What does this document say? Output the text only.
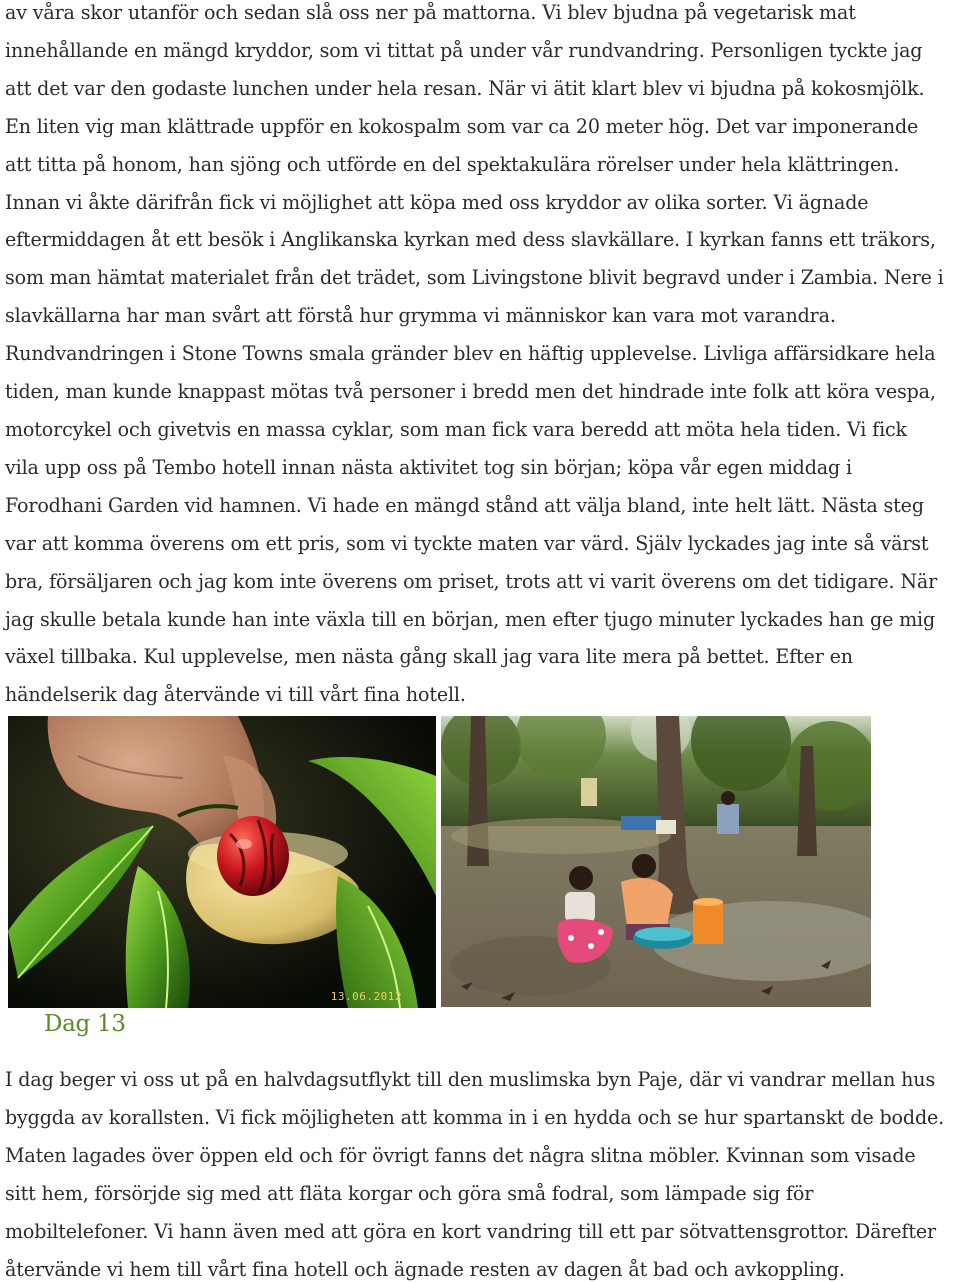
av våra skor utanför och sedan slå oss ner på mattorna. Vi blev bjudna på vegetarisk mat
innehållande en mängd kryddor, som vi tittat på under vår rundvandring. Personligen tyckte jag
att det var den godaste lunchen under hela resan. När vi ätit klart blev vi bjudna på kokosmjölk.
En liten vig man klättrade uppför en kokospalm som var ca 20 meter hög. Det var imponerande
att titta på honom, han sjöng och utförde en del spektakulära rörelser under hela klättringen.
Innan vi åkte därifrån fick vi möjlighet att köpa med oss kryddor av olika sorter. Vi ägnade
eftermiddagen åt ett besök i Anglikanska kyrkan med dess slavkällare. I kyrkan fanns ett träkors,
som man hämtat materialet från det trädet, som Livingstone blivit begravd under i Zambia. Nere i
slavkällarna har man svårt att förstå hur grymma vi människor kan vara mot varandra.
Rundvandringen i Stone Towns smala gränder blev en häftig upplevelse. Livliga affärsidkare hela
tiden, man kunde knappast mötas två personer i bredd men det hindrade inte folk att köra vespa,
motorcykel och givetvis en massa cyklar, som man fick vara beredd att möta hela tiden. Vi fick
vila upp oss på Tembo hotell innan nästa aktivitet tog sin början; köpa vår egen middag i
Forodhani Garden vid hamnen. Vi hade en mängd stånd att välja bland, inte helt lätt. Nästa steg
var att komma överens om ett pris, som vi tyckte maten var värd. Själv lyckades jag inte så värst
bra, försäljaren och jag kom inte överens om priset, trots att vi varit överens om det tidigare. När
jag skulle betala kunde han inte växla till en början, men efter tjugo minuter lyckades han ge mig
växel tillbaka. Kul upplevelse, men nästa gång skall jag vara lite mera på bettet. Efter en
händelserik dag återvände vi till vårt fina hotell.
13.06.2012
Dag 13
I dag beger vi oss ut på en halvdagsutflykt till den muslimska byn Paje, där vi vandrar mellan hus
byggda av korallsten. Vi fick möjligheten att komma in i en hydda och se hur spartanskt de bodde.
Maten lagades över öppen eld och för övrigt fanns det några slitna möbler. Kvinnan som visade
sitt hem, försörjde sig med att fläta korgar och göra små fodral, som lämpade sig för
mobiltelefoner. Vi hann även med att göra en kort vandring till ett par sötvattensgrottor. Därefter
återvände vi hem till vårt fina hotell och ägnade resten av dagen åt bad och avkoppling.
